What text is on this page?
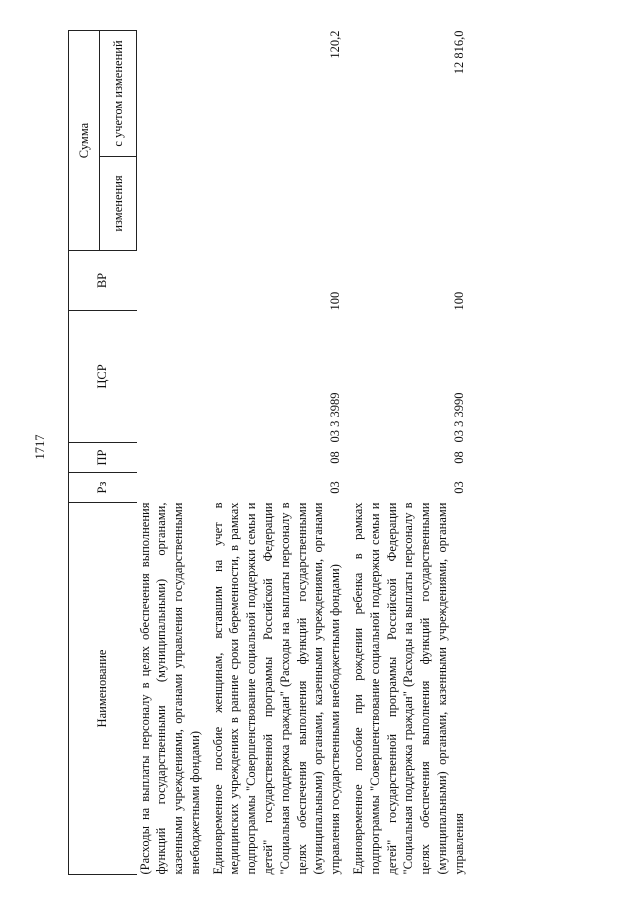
1717
Наименование	Рз	ПР	ЦСР	ВР	Сумма	
					изменения	с учетом изменений

(Расходы на выплаты персоналу в целях обеспечения выполнения функций государственными (муниципальными) органами, казенными учреждениями, органами управления государственными внебюджетными фондами)						

Единовременное пособие женщинам, вставшим на учет в медицинских учреждениях в ранние сроки беременности, в рамках подпрограммы "Совершенствование социальной поддержки семьи и детей" государственной программы Российской Федерации "Социальная поддержка граждан" (Расходы на выплаты персоналу в целях обеспечения выполнения функций государственными (муниципальными) органами, казенными учреждениями, органами управления государственными внебюджетными фондами)	03	08	03 3 3989	100		120,2

Единовременное пособие при рождении ребенка в рамках подпрограммы "Совершенствование социальной поддержки семьи и детей" государственной программы Российской Федерации "Социальная поддержка граждан" (Расходы на выплаты персоналу в целях обеспечения выполнения функций государственными (муниципальными) органами, казенными учреждениями, органами управления	03	08	03 3 3990	100		12 816,0
